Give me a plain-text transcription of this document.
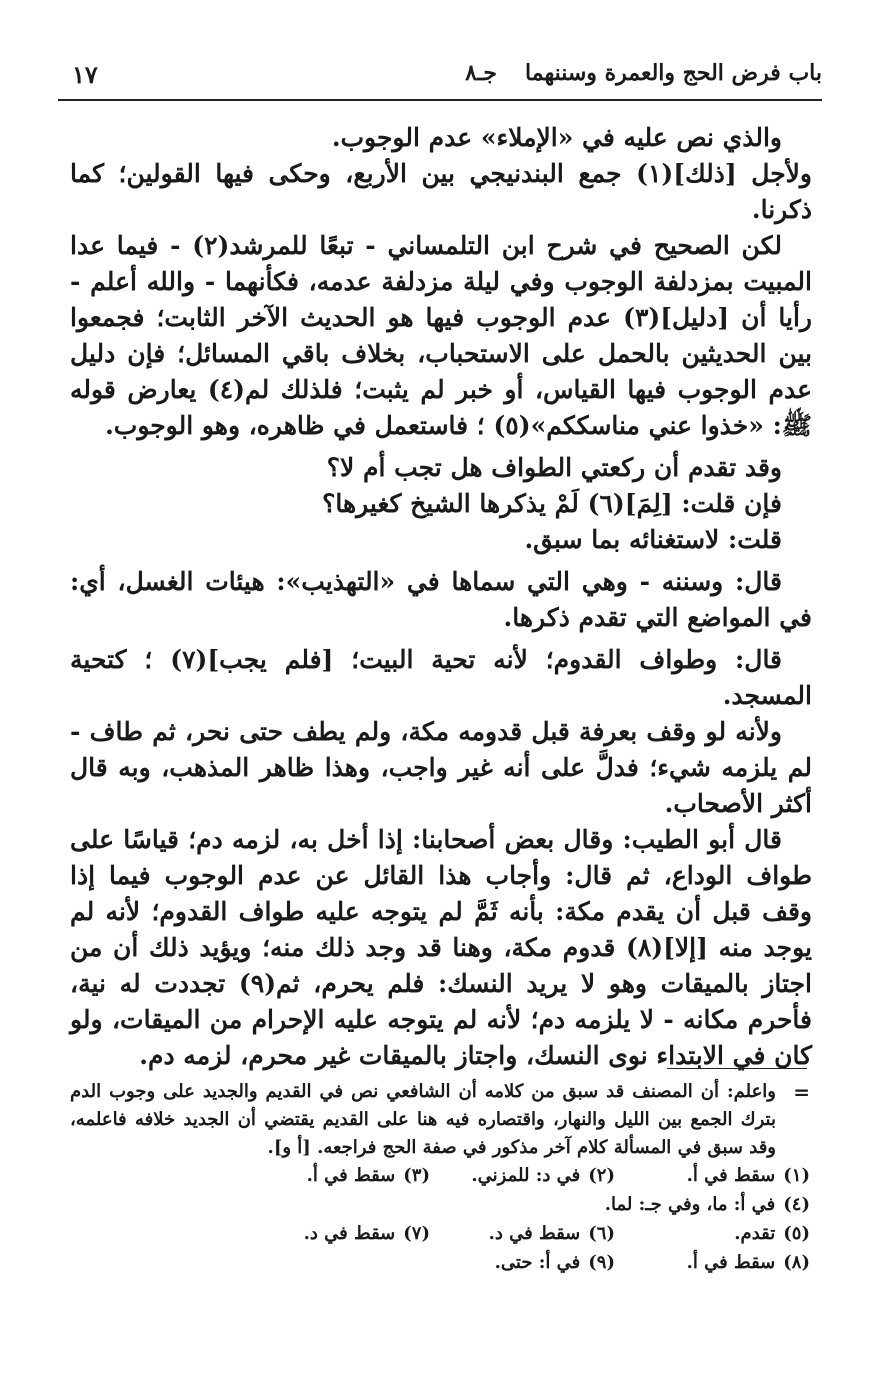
باب فرض الحج والعمرة وسننهما
جـ٨
١٧

والذي نص عليه في «الإملاء» عدم الوجوب.

ولأجل [ذلك](١) جمع البندنيجي بين الأربع، وحكى فيها القولين؛ كما ذكرنا.

لكن الصحيح في شرح ابن التلمساني - تبعًا للمرشد(٢) - فيما عدا المبيت بمزدلفة الوجوب وفي ليلة مزدلفة عدمه، فكأنهما - والله أعلم - رأيا أن [دليل](٣) عدم الوجوب فيها هو الحديث الآخر الثابت؛ فجمعوا بين الحديثين بالحمل على الاستحباب، بخلاف باقي المسائل؛ فإن دليل عدم الوجوب فيها القياس، أو خبر لم يثبت؛ فلذلك لم(٤) يعارض قوله ﷺ: «خذوا عني مناسككم»(٥) ؛ فاستعمل في ظاهره، وهو الوجوب.

وقد تقدم أن ركعتي الطواف هل تجب أم لا؟

فإن قلت: [لِمَ](٦) لَمْ يذكرها الشيخ كغيرها؟

قلت: لاستغنائه بما سبق.

قال: وسننه - وهي التي سماها في «التهذيب»: هيئات الغسل، أي: في المواضع التي تقدم ذكرها.

قال: وطواف القدوم؛ لأنه تحية البيت؛ [فلم يجب](٧) ؛ كتحية المسجد.

ولأنه لو وقف بعرفة قبل قدومه مكة، ولم يطف حتى نحر، ثم طاف - لم يلزمه شيء؛ فدلَّ على أنه غير واجب، وهذا ظاهر المذهب، وبه قال أكثر الأصحاب.

قال أبو الطيب: وقال بعض أصحابنا: إذا أخل به، لزمه دم؛ قياسًا على طواف الوداع، ثم قال: وأجاب هذا القائل عن عدم الوجوب فيما إذا وقف قبل أن يقدم مكة: بأنه ثَمَّ لم يتوجه عليه طواف القدوم؛ لأنه لم يوجد منه [إلا](٨) قدوم مكة، وهنا قد وجد ذلك منه؛ ويؤيد ذلك أن من اجتاز بالميقات وهو لا يريد النسك: فلم يحرم، ثم(٩) تجددت له نية، فأحرم مكانه - لا يلزمه دم؛ لأنه لم يتوجه عليه الإحرام من الميقات، ولو كان في الابتداء نوى النسك، واجتاز بالميقات غير محرم، لزمه دم.

=
واعلم: أن المصنف قد سبق من كلامه أن الشافعي نص في القديم والجديد على وجوب الدم بترك الجمع بين الليل والنهار، واقتصاره فيه هنا على القديم يقتضي أن الجديد خلافه فاعلمه، وقد سبق في المسألة كلام آخر مذكور في صفة الحج فراجعه. [أ و].
(١)سقط في أ.
(٢)في د: للمزني.
(٣)سقط في أ.
(٤)في أ: ما، وفي جـ: لما.
(٥)تقدم.
(٦)سقط في د.
(٧)سقط في د.
(٨)سقط في أ.
(٩)في أ: حتى.
